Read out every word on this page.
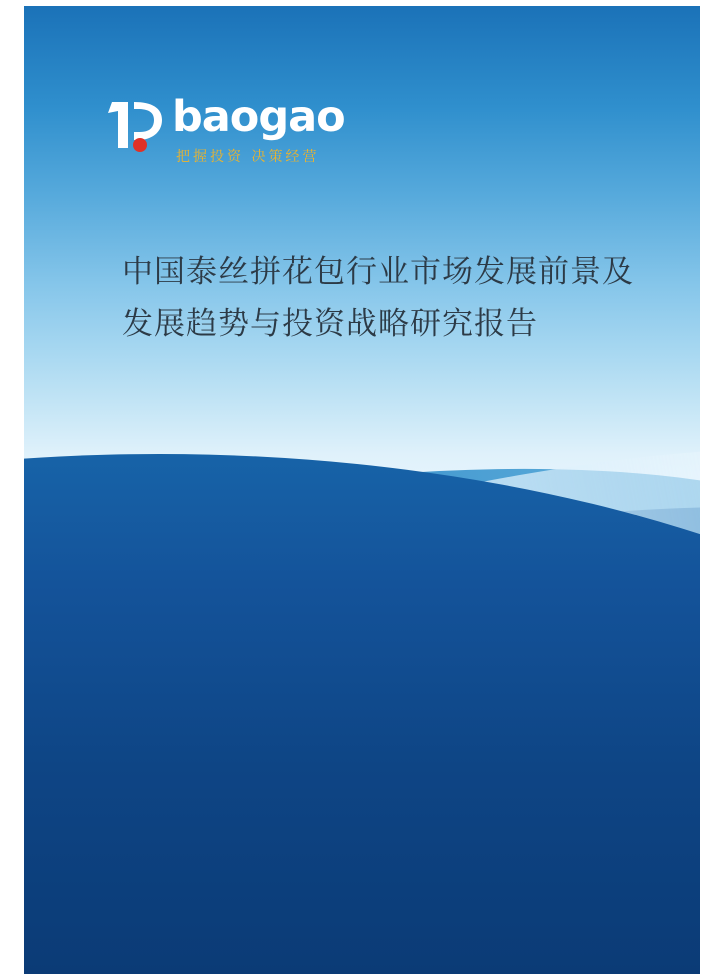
baogao
把握投资 决策经营
中国泰丝拼花包行业市场发展前景及发展趋势与投资战略研究报告
